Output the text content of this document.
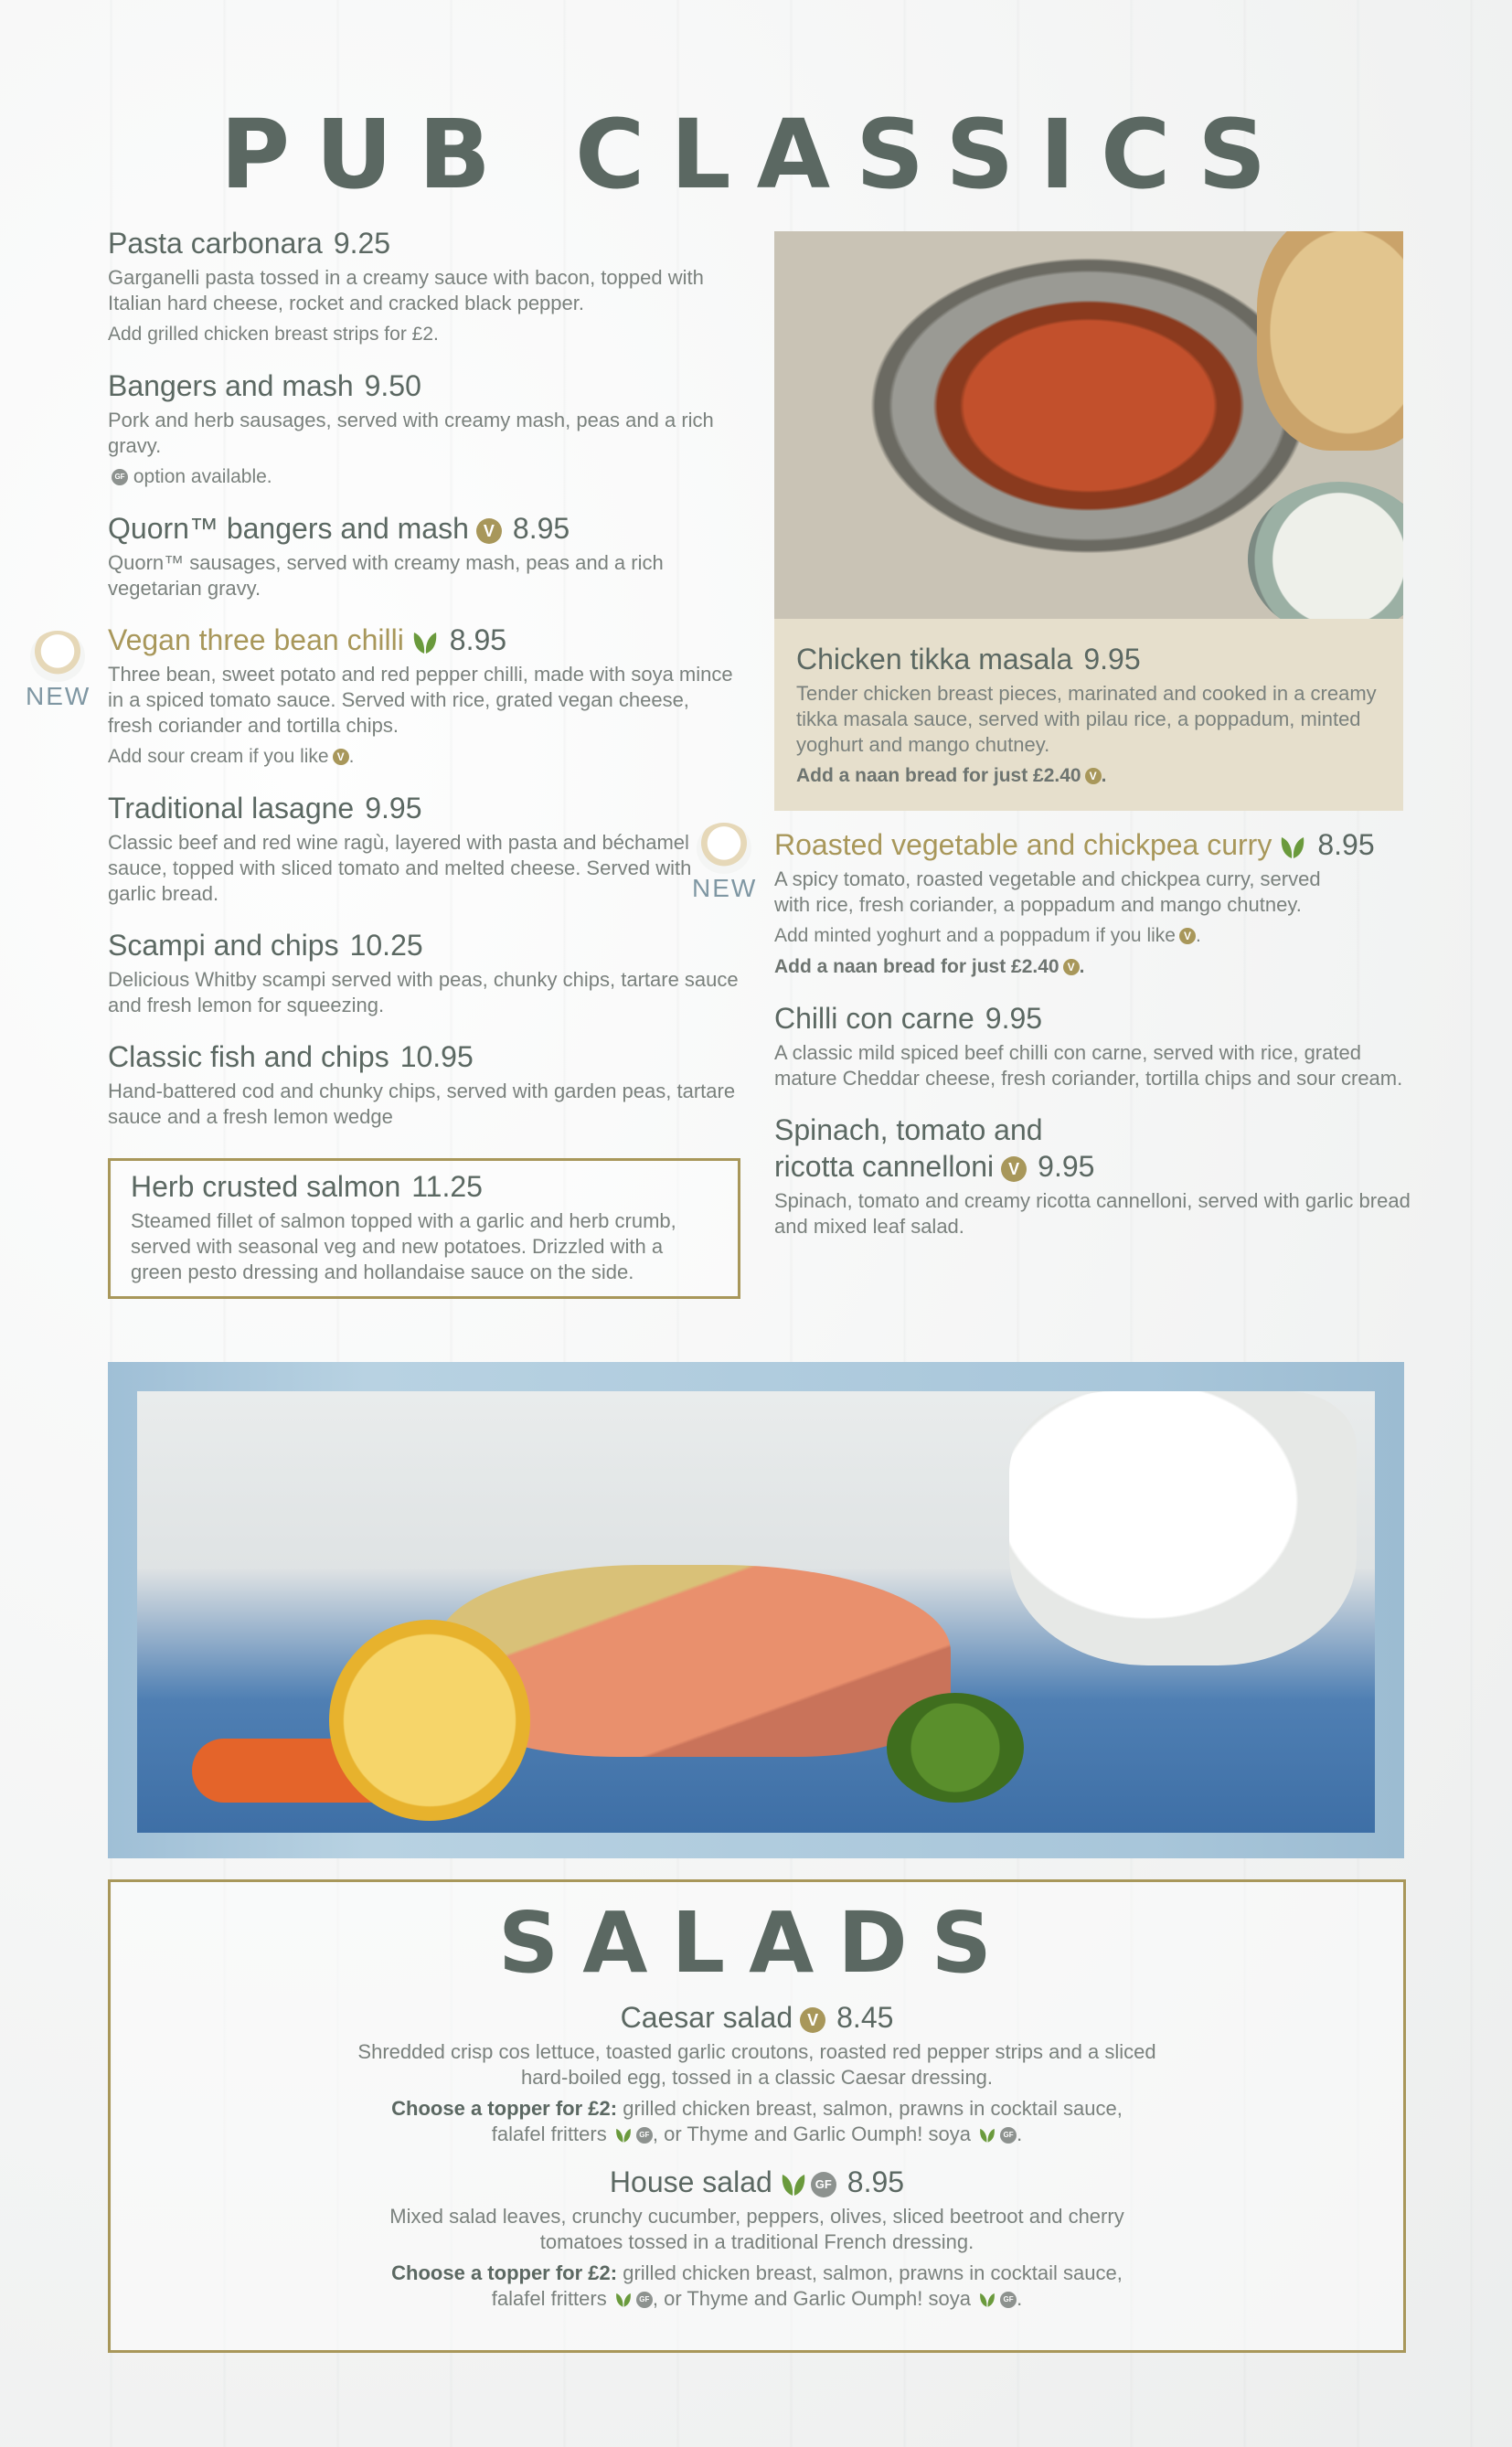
PUB CLASSICS
Pasta carbonara 9.25
Garganelli pasta tossed in a creamy sauce with bacon, topped with Italian hard cheese, rocket and cracked black pepper.
Add grilled chicken breast strips for £2.
Bangers and mash 9.50
Pork and herb sausages, served with creamy mash, peas and a rich gravy.
GF option available.
Quorn™ bangers and mash V 8.95
Quorn™ sausages, served with creamy mash, peas and a rich vegetarian gravy.
Vegan three bean chilli 8.95
Three bean, sweet potato and red pepper chilli, made with soya mince in a spiced tomato sauce. Served with rice, grated vegan cheese, fresh coriander and tortilla chips.
Add sour cream if you like V .
Traditional lasagne 9.95
Classic beef and red wine ragù, layered with pasta and béchamel sauce, topped with sliced tomato and melted cheese. Served with garlic bread.
Scampi and chips 10.25
Delicious Whitby scampi served with peas, chunky chips, tartare sauce and fresh lemon for squeezing.
Classic fish and chips 10.95
Hand-battered cod and chunky chips, served with garden peas, tartare sauce and a fresh lemon wedge
NEW
Herb crusted salmon 11.25
Steamed fillet of salmon topped with a garlic and herb crumb, served with seasonal veg and new potatoes. Drizzled with a green pesto dressing and hollandaise sauce on the side.
Chicken tikka masala 9.95
Tender chicken breast pieces, marinated and cooked in a creamy tikka masala sauce, served with pilau rice, a poppadum, minted yoghurt and mango chutney.
Add a naan bread for just £2.40 V .
NEW
Roasted vegetable and chickpea curry 8.95
A spicy tomato, roasted vegetable and chickpea curry, served with rice, fresh coriander, a poppadum and mango chutney.
Add minted yoghurt and a poppadum if you like V .
Add a naan bread for just £2.40 V .
Chilli con carne 9.95
A classic mild spiced beef chilli con carne, served with rice, grated mature Cheddar cheese, fresh coriander, tortilla chips and sour cream.
Spinach, tomato and
ricotta cannelloni V 9.95
Spinach, tomato and creamy ricotta cannelloni, served with garlic bread and mixed leaf salad.
SALADS
Caesar salad V 8.45
Shredded crisp cos lettuce, toasted garlic croutons, roasted red pepper strips and a sliced hard-boiled egg, tossed in a classic Caesar dressing.
Choose a topper for £2: grilled chicken breast, salmon, prawns in cocktail sauce,
falafel fritters	GF , or Thyme and Garlic Oumph! soya	GF .
House salad	GF 8.95
Mixed salad leaves, crunchy cucumber, peppers, olives, sliced beetroot and cherry tomatoes tossed in a traditional French dressing.
Choose a topper for £2: grilled chicken breast, salmon, prawns in cocktail sauce,
falafel fritters	GF , or Thyme and Garlic Oumph! soya	GF .
